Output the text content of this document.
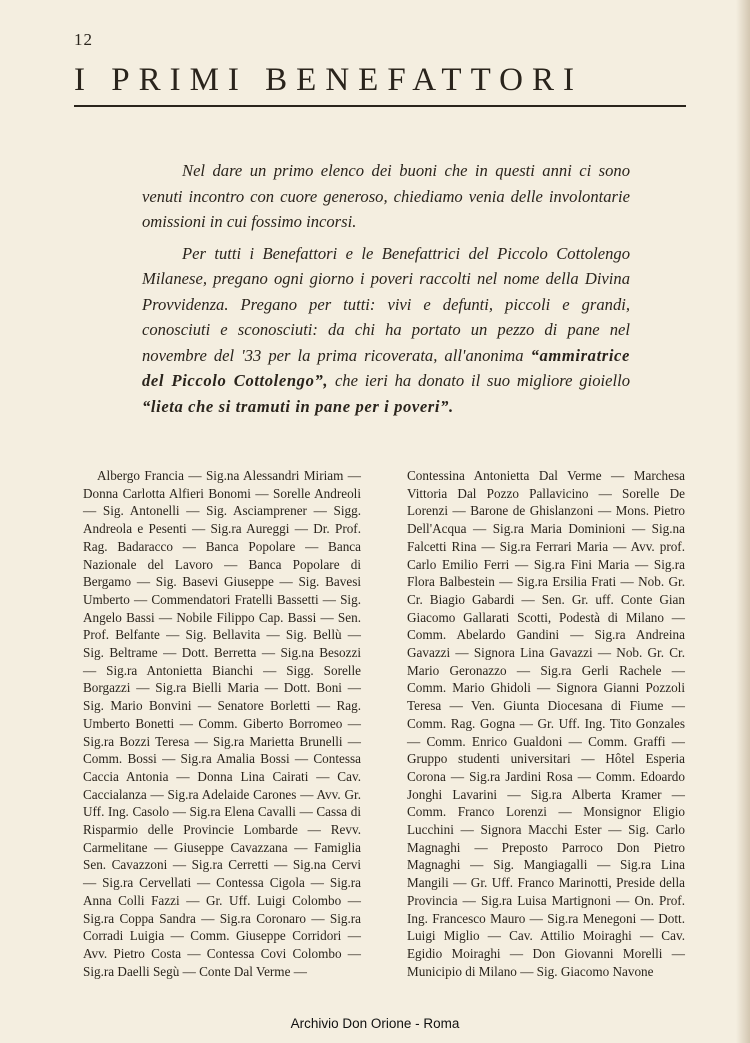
12
I PRIMI BENEFATTORI

Nel dare un primo elenco dei buoni che in questi anni ci sono venuti incontro con cuore generoso, chiediamo venia delle involontarie omissioni in cui fossimo incorsi.

Per tutti i Benefattori e le Benefattrici del Piccolo Cottolengo Milanese, pregano ogni giorno i poveri raccolti nel nome della Divina Provvidenza. Pregano per tutti: vivi e defunti, piccoli e grandi, conosciuti e sconosciuti: da chi ha portato un pezzo di pane nel novembre del '33 per la prima ricoverata, all'anonima “ammiratrice del Piccolo Cottolengo”, che ieri ha donato il suo migliore gioiello “lieta che si tramuti in pane per i poveri”.

Albergo Francia — Sig.na Alessandri Miriam — Donna Carlotta Alfieri Bonomi — Sorelle Andreoli — Sig. Antonelli — Sig. Asciamprener — Sigg. Andreola e Pesenti — Sig.ra Aureggi — Dr. Prof. Rag. Badaracco — Banca Popolare — Banca Nazionale del Lavoro — Banca Popolare di Bergamo — Sig. Basevi Giuseppe — Sig. Bavesi Umberto — Commendatori Fratelli Bassetti — Sig. Angelo Bassi — Nobile Filippo Cap. Bassi — Sen. Prof. Belfante — Sig. Bellavita — Sig. Bellù — Sig. Beltrame — Dott. Berretta — Sig.na Besozzi — Sig.ra Antonietta Bianchi — Sigg. Sorelle Borgazzi — Sig.ra Bielli Maria — Dott. Boni — Sig. Mario Bonvini — Senatore Borletti — Rag. Umberto Bonetti — Comm. Giberto Borromeo — Sig.ra Bozzi Teresa — Sig.ra Marietta Brunelli — Comm. Bossi — Sig.ra Amalia Bossi — Contessa Caccia Antonia — Donna Lina Cairati — Cav. Caccialanza — Sig.ra Adelaide Carones — Avv. Gr. Uff. Ing. Casolo — Sig.ra Elena Cavalli — Cassa di Risparmio delle Provincie Lombarde — Revv. Carmelitane — Giuseppe Cavazzana — Famiglia Sen. Cavazzoni — Sig.ra Cerretti — Sig.na Cervi — Sig.ra Cervellati — Contessa Cigola — Sig.ra Anna Colli Fazzi — Gr. Uff. Luigi Colombo — Sig.ra Coppa Sandra — Sig.ra Coronaro — Sig.ra Corradi Luigia — Comm. Giuseppe Corridori — Avv. Pietro Costa — Contessa Covi Colombo — Sig.ra Daelli Segù — Conte Dal Verme —

Contessina Antonietta Dal Verme — Marchesa Vittoria Dal Pozzo Pallavicino — Sorelle De Lorenzi — Barone de Ghislanzoni — Mons. Pietro Dell'Acqua — Sig.ra Maria Dominioni — Sig.na Falcetti Rina — Sig.ra Ferrari Maria — Avv. prof. Carlo Emilio Ferri — Sig.ra Fini Maria — Sig.ra Flora Balbestein — Sig.ra Ersilia Frati — Nob. Gr. Cr. Biagio Gabardi — Sen. Gr. uff. Conte Gian Giacomo Gallarati Scotti, Podestà di Milano — Comm. Abelardo Gandini — Sig.ra Andreina Gavazzi — Signora Lina Gavazzi — Nob. Gr. Cr. Mario Geronazzo — Sig.ra Gerli Rachele — Comm. Mario Ghidoli — Signora Gianni Pozzoli Teresa — Ven. Giunta Diocesana di Fiume — Comm. Rag. Gogna — Gr. Uff. Ing. Tito Gonzales — Comm. Enrico Gualdoni — Comm. Graffi — Gruppo studenti universitari — Hôtel Esperia Corona — Sig.ra Jardini Rosa — Comm. Edoardo Jonghi Lavarini — Sig.ra Alberta Kramer — Comm. Franco Lorenzi — Monsignor Eligio Lucchini — Signora Macchi Ester — Sig. Carlo Magnaghi — Preposto Parroco Don Pietro Magnaghi — Sig. Mangiagalli — Sig.ra Lina Mangili — Gr. Uff. Franco Marinotti, Preside della Provincia — Sig.ra Luisa Martignoni — On. Prof. Ing. Francesco Mauro — Sig.ra Menegoni — Dott. Luigi Miglio — Cav. Attilio Moiraghi — Cav. Egidio Moiraghi — Don Giovanni Morelli — Municipio di Milano — Sig. Giacomo Navone

Archivio Don Orione - Roma
